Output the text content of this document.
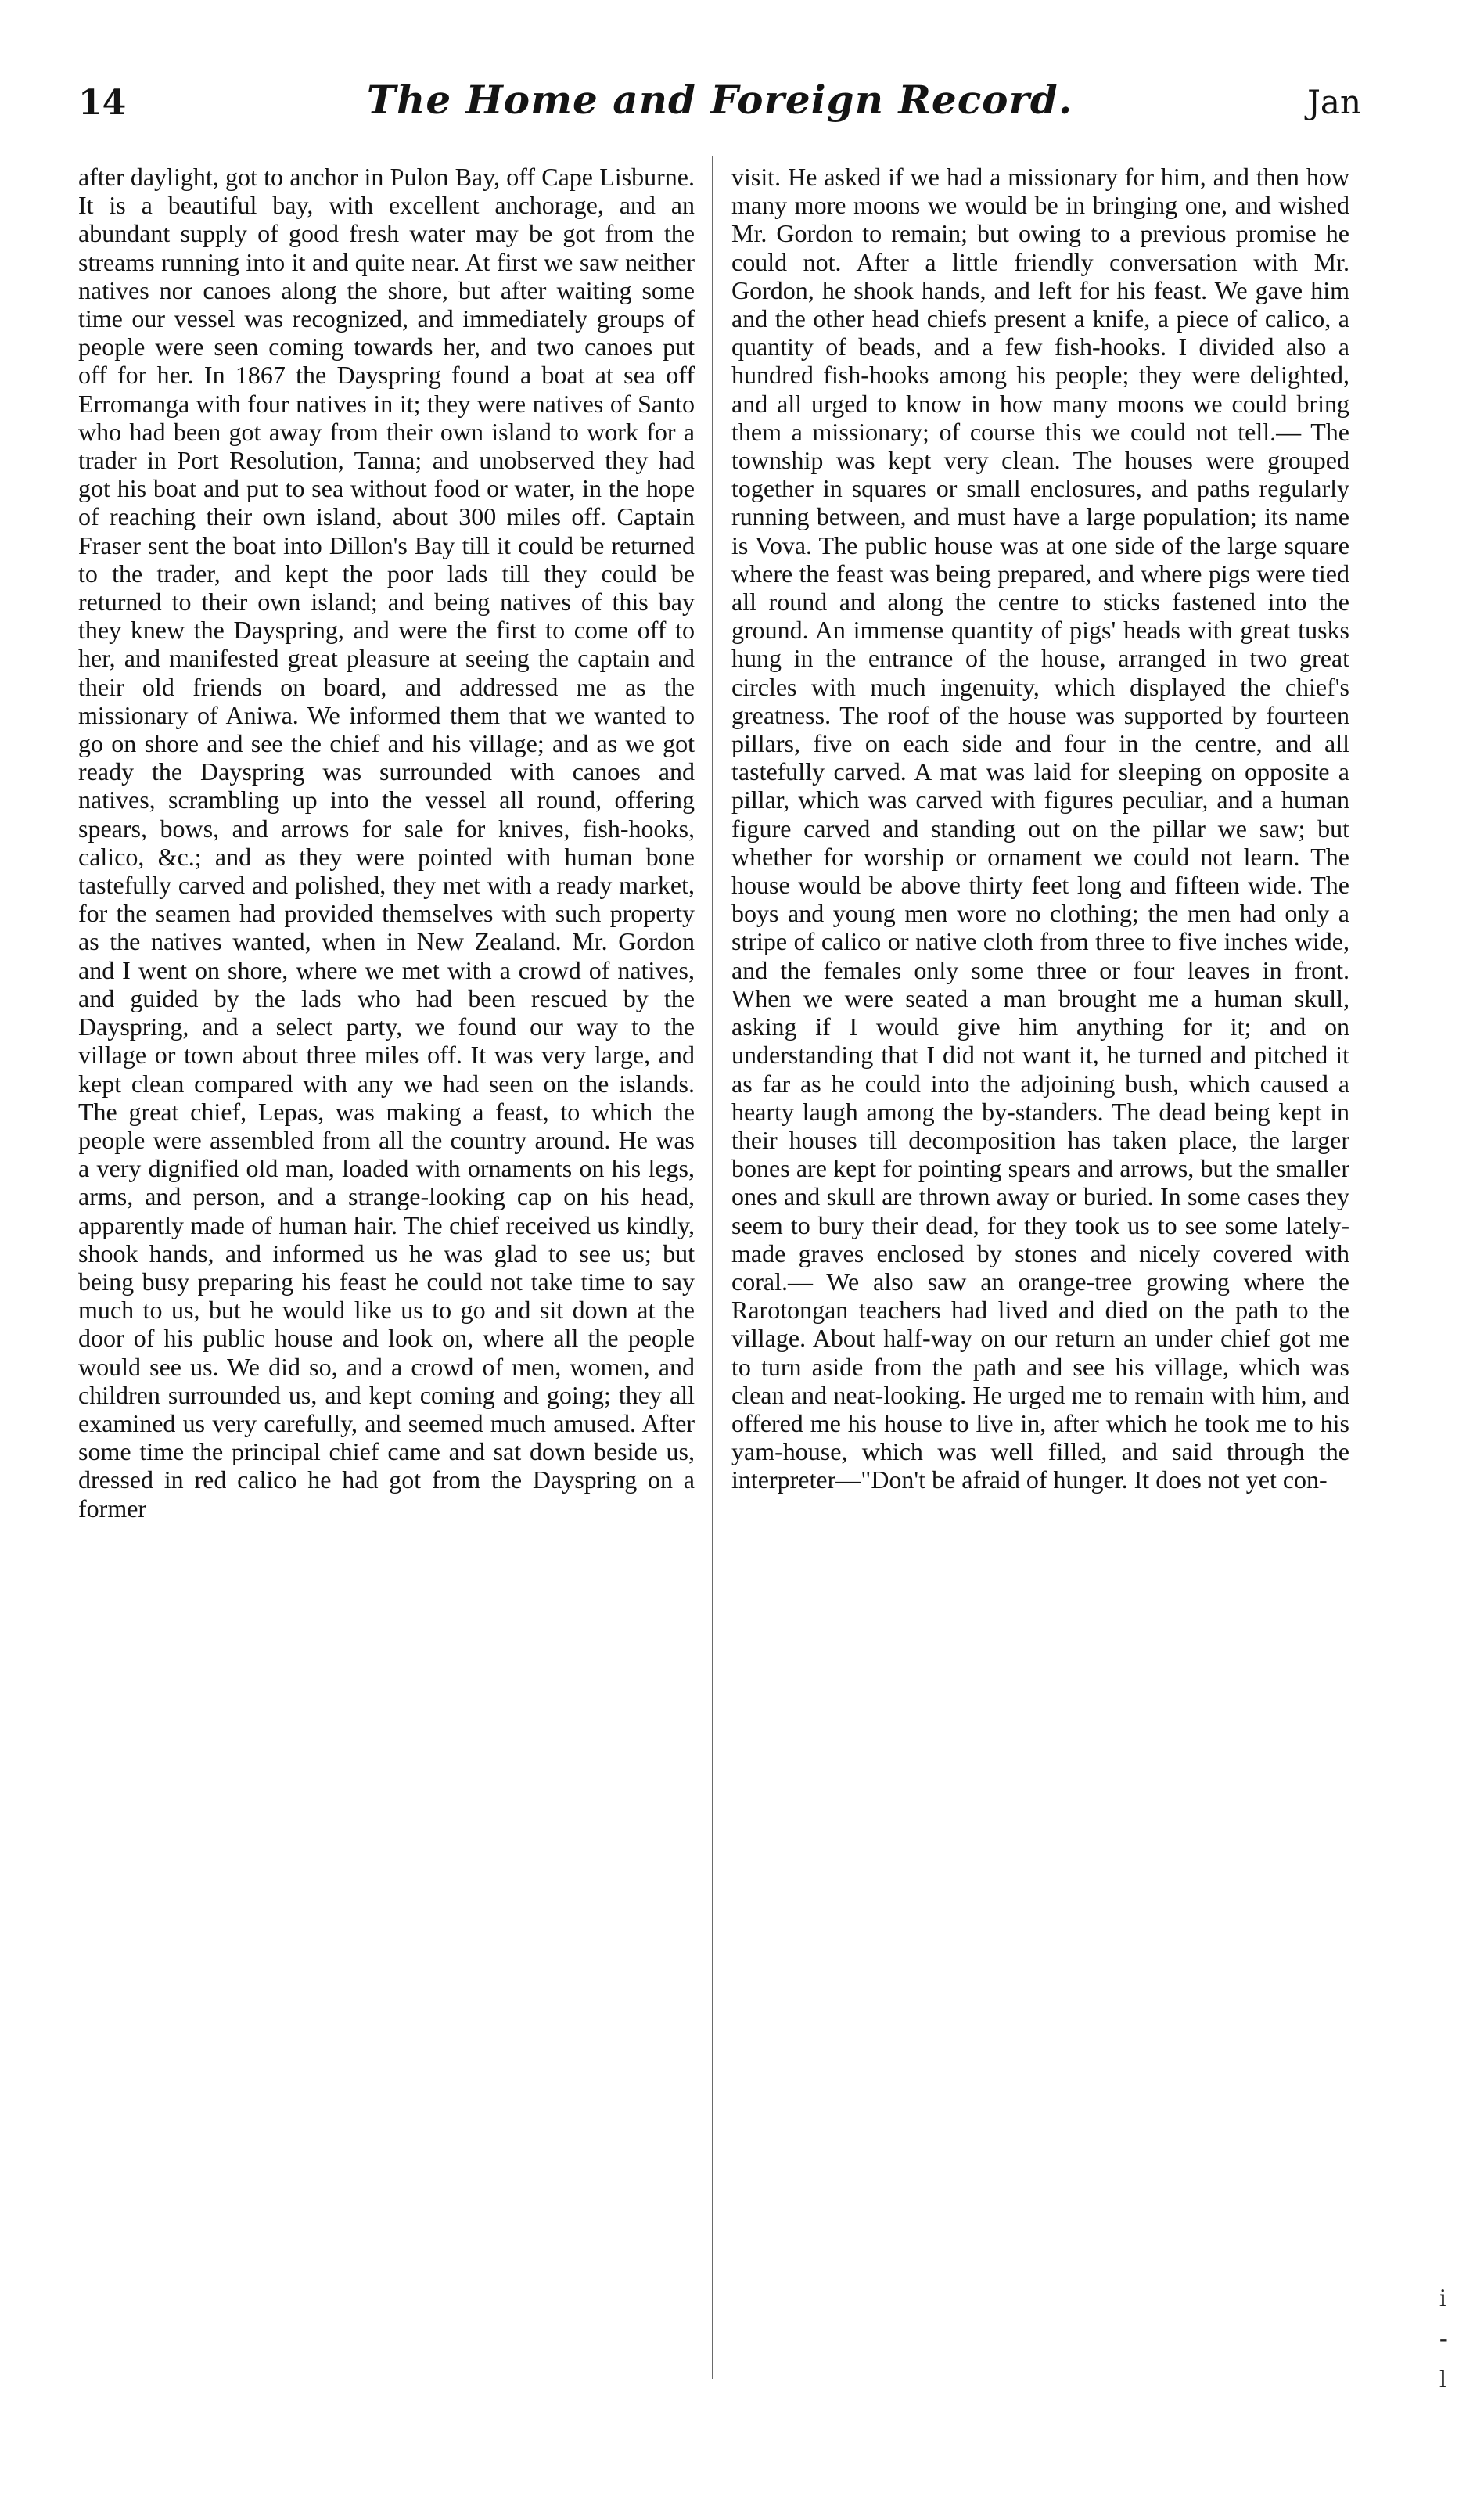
14	The Home and Foreign Record.	Jan

after daylight, got to anchor in Pulon Bay, off Cape Lisburne. It is a beautiful bay, with excellent anchorage, and an abundant supply of good fresh water may be got from the streams running into it and quite near. At first we saw neither natives nor canoes along the shore, but after waiting some time our vessel was recognized, and immediately groups of people were seen coming towards her, and two canoes put off for her. In 1867 the Dayspring found a boat at sea off Erromanga with four natives in it; they were natives of Santo who had been got away from their own island to work for a trader in Port Resolution, Tanna; and unobserved they had got his boat and put to sea without food or water, in the hope of reaching their own island, about 300 miles off. Captain Fraser sent the boat into Dillon's Bay till it could be returned to the trader, and kept the poor lads till they could be returned to their own island; and being natives of this bay they knew the Dayspring, and were the first to come off to her, and manifested great pleasure at seeing the captain and their old friends on board, and addressed me as the missionary of Aniwa. We informed them that we wanted to go on shore and see the chief and his village; and as we got ready the Dayspring was surrounded with canoes and natives, scrambling up into the vessel all round, offering spears, bows, and arrows for sale for knives, fish-hooks, calico, &c.; and as they were pointed with human bone tastefully carved and polished, they met with a ready market, for the seamen had provided themselves with such property as the natives wanted, when in New Zealand. Mr. Gordon and I went on shore, where we met with a crowd of natives, and guided by the lads who had been rescued by the Dayspring, and a select party, we found our way to the village or town about three miles off. It was very large, and kept clean compared with any we had seen on the islands. The great chief, Lepas, was making a feast, to which the people were assembled from all the country around. He was a very dignified old man, loaded with ornaments on his legs, arms, and person, and a strange-looking cap on his head, apparently made of human hair. The chief received us kindly, shook hands, and informed us he was glad to see us; but being busy preparing his feast he could not take time to say much to us, but he would like us to go and sit down at the door of his public house and look on, where all the people would see us. We did so, and a crowd of men, women, and children surrounded us, and kept coming and going; they all examined us very carefully, and seemed much amused. After some time the principal chief came and sat down beside us, dressed in red calico he had got from the Dayspring on a former

visit. He asked if we had a missionary for him, and then how many more moons we would be in bringing one, and wished Mr. Gordon to remain; but owing to a previous promise he could not. After a little friendly conversation with Mr. Gordon, he shook hands, and left for his feast. We gave him and the other head chiefs present a knife, a piece of calico, a quantity of beads, and a few fish-hooks. I divided also a hundred fish-hooks among his people; they were delighted, and all urged to know in how many moons we could bring them a missionary; of course this we could not tell.— The township was kept very clean. The houses were grouped together in squares or small enclosures, and paths regularly running between, and must have a large population; its name is Vova. The public house was at one side of the large square where the feast was being prepared, and where pigs were tied all round and along the centre to sticks fastened into the ground. An immense quantity of pigs' heads with great tusks hung in the entrance of the house, arranged in two great circles with much ingenuity, which displayed the chief's greatness. The roof of the house was supported by fourteen pillars, five on each side and four in the centre, and all tastefully carved. A mat was laid for sleeping on opposite a pillar, which was carved with figures peculiar, and a human figure carved and standing out on the pillar we saw; but whether for worship or ornament we could not learn. The house would be above thirty feet long and fifteen wide. The boys and young men wore no clothing; the men had only a stripe of calico or native cloth from three to five inches wide, and the females only some three or four leaves in front. When we were seated a man brought me a human skull, asking if I would give him anything for it; and on understanding that I did not want it, he turned and pitched it as far as he could into the adjoining bush, which caused a hearty laugh among the by-standers. The dead being kept in their houses till decomposition has taken place, the larger bones are kept for pointing spears and arrows, but the smaller ones and skull are thrown away or buried. In some cases they seem to bury their dead, for they took us to see some lately-made graves enclosed by stones and nicely covered with coral.— We also saw an orange-tree growing where the Rarotongan teachers had lived and died on the path to the village. About half-way on our return an under chief got me to turn aside from the path and see his village, which was clean and neat-looking. He urged me to remain with him, and offered me his house to live in, after which he took me to his yam-house, which was well filled, and said through the interpreter—"Don't be afraid of hunger. It does not yet con-

i
-
l
